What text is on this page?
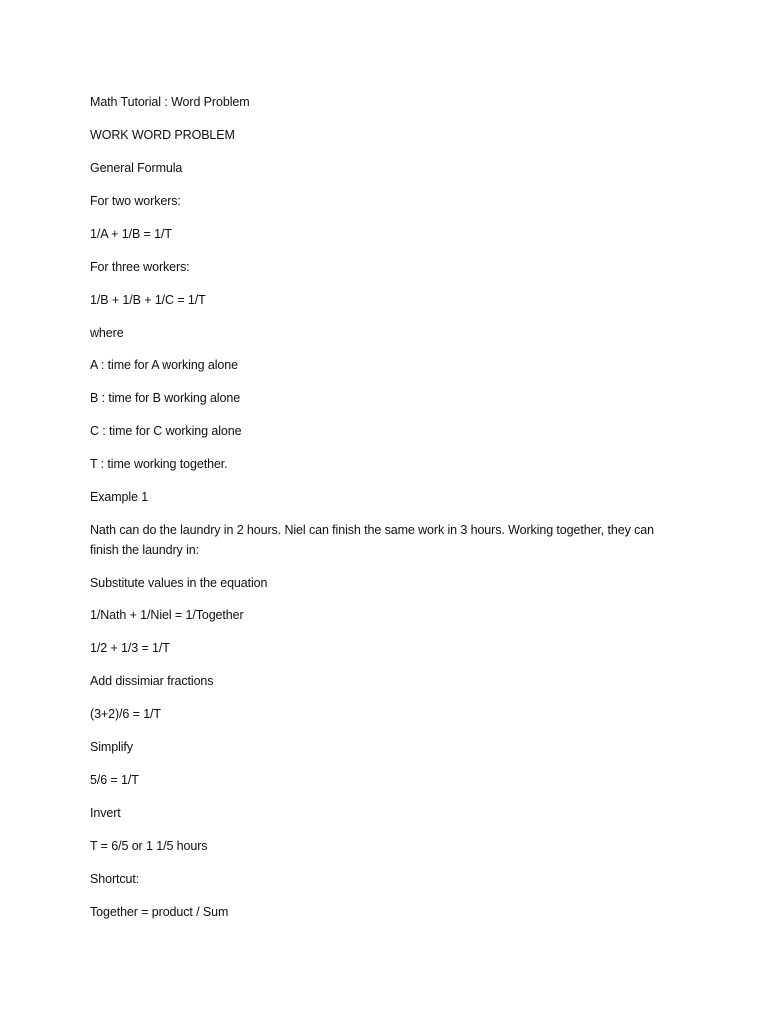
Math Tutorial : Word Problem
WORK WORD PROBLEM
General Formula
For two workers:
1/A + 1/B = 1/T
For three workers:
1/B + 1/B + 1/C = 1/T
where
A : time for A working alone
B : time for B working alone
C : time for C working alone
T : time working together.
Example 1
Nath can do the laundry in 2 hours. Niel can finish the same work in 3 hours. Working together, they can finish the laundry in:
Substitute values in the equation
1/Nath + 1/Niel = 1/Together
1/2 + 1/3 = 1/T
Add dissimiar fractions
(3+2)/6 = 1/T
Simplify
5/6 = 1/T
Invert
T = 6/5 or 1 1/5 hours
Shortcut:
Together = product / Sum
